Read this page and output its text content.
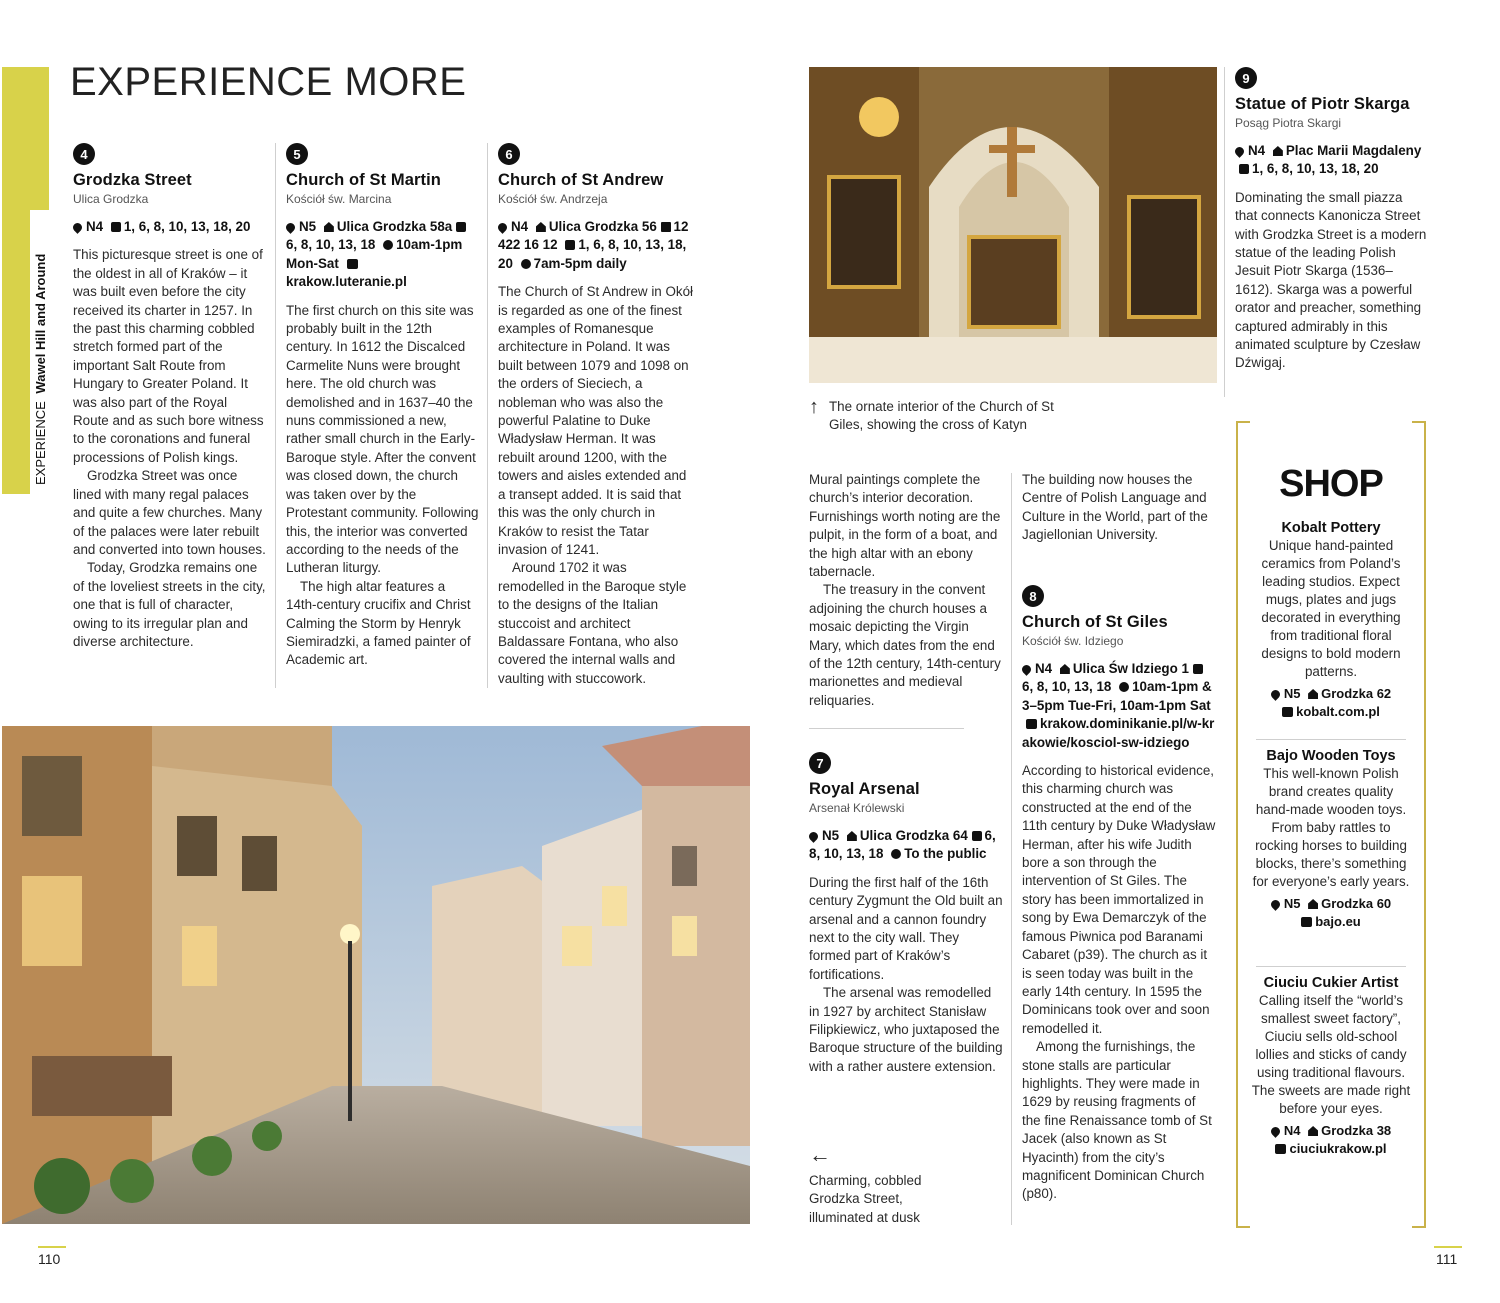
EXPERIENCE Wawel Hill and Around
EXPERIENCE MORE
4
Grodzka Street
Ulica Grodzka
N4 1, 6, 8, 10, 13, 18, 20

This picturesque street is one of the oldest in all of Kraków – it was built even before the city received its charter in 1257. In the past this charming cobbled stretch formed part of the important Salt Route from Hungary to Greater Poland. It was also part of the Royal Route and as such bore witness to the coronations and funeral processions of Polish kings.

Grodzka Street was once lined with many regal palaces and quite a few churches. Many of the palaces were later rebuilt and converted into town houses.

Today, Grodzka remains one of the loveliest streets in the city, one that is full of character, owing to its irregular plan and diverse architecture.

5
Church of St Martin
Kościół św. Marcina
N5 Ulica Grodzka 58a 6, 8, 10, 13, 18 10am-1pm Mon-Sat krakow.luteranie.pl

The first church on this site was probably built in the 12th century. In 1612 the Discalced Carmelite Nuns were brought here. The old church was demolished and in 1637–40 the nuns commissioned a new, rather small church in the Early-Baroque style. After the convent was closed down, the church was taken over by the Protestant community. Following this, the interior was converted according to the needs of the Lutheran liturgy.

The high altar features a 14th-century crucifix and Christ Calming the Storm by Henryk Siemiradzki, a famed painter of Academic art.

6
Church of St Andrew
Kościół św. Andrzeja
N4 Ulica Grodzka 56 12 422 16 12 1, 6, 8, 10, 13, 18, 20 7am-5pm daily

The Church of St Andrew in Okół is regarded as one of the finest examples of Romanesque architecture in Poland. It was built between 1079 and 1098 on the orders of Sieciech, a nobleman who was also the powerful Palatine to Duke Władysław Herman. It was rebuilt around 1200, with the towers and aisles extended and a transept added. It is said that this was the only church in Kraków to resist the Tatar invasion of 1241.

Around 1702 it was remodelled in the Baroque style to the designs of the Italian stuccoist and architect Baldassare Fontana, who also covered the internal walls and vaulting with stuccowork.

110
↑ The ornate interior of the Church of St Giles, showing the cross of Katyn

Mural paintings complete the church’s interior decoration. Furnishings worth noting are the pulpit, in the form of a boat, and the high altar with an ebony tabernacle.

The treasury in the convent adjoining the church houses a mosaic depicting the Virgin Mary, which dates from the end of the 12th century, 14th-century marionettes and medieval reliquaries.

7
Royal Arsenal
Arsenał Królewski
N5 Ulica Grodzka 64 6, 8, 10, 13, 18 To the public

During the first half of the 16th century Zygmunt the Old built an arsenal and a cannon foundry next to the city wall. They formed part of Kraków’s fortifications.

The arsenal was remodelled in 1927 by architect Stanisław Filipkiewicz, who juxtaposed the Baroque structure of the building with a rather austere extension.

←
Charming, cobbled Grodzka Street, illuminated at dusk

The building now houses the Centre of Polish Language and Culture in the World, part of the Jagiellonian University.

8
Church of St Giles
Kościół św. Idziego
N4 Ulica Św Idziego 1 6, 8, 10, 13, 18 10am-1pm & 3–5pm Tue-Fri, 10am-1pm Sat krakow.dominikanie.pl/w-krakowie/kosciol-sw-idziego

According to historical evidence, this charming church was constructed at the end of the 11th century by Duke Władysław Herman, after his wife Judith bore a son through the intervention of St Giles. The story has been immortalized in song by Ewa Demarczyk of the famous Piwnica pod Baranami Cabaret (p39). The church as it is seen today was built in the early 14th century. In 1595 the Dominicans took over and soon remodelled it.

Among the furnishings, the stone stalls are particular highlights. They were made in 1629 by reusing fragments of the fine Renaissance tomb of St Jacek (also known as St Hyacinth) from the city’s magnificent Dominican Church (p80).

9
Statue of Piotr Skarga
Posąg Piotra Skargi
N4 Plac Marii Magdaleny 1, 6, 8, 10, 13, 18, 20

Dominating the small piazza that connects Kanonicza Street with Grodzka Street is a modern statue of the leading Polish Jesuit Piotr Skarga (1536–1612). Skarga was a powerful orator and preacher, something captured admirably in this animated sculpture by Czesław Dźwigaj.

SHOP
Kobalt Pottery
Unique hand-painted ceramics from Poland’s leading studios. Expect mugs, plates and jugs decorated in everything from traditional floral designs to bold modern patterns.
N5 Grodzka 62
kobalt.com.pl
Bajo Wooden Toys
This well-known Polish brand creates quality hand-made wooden toys. From baby rattles to rocking horses to building blocks, there’s something for everyone’s early years.
N5 Grodzka 60
bajo.eu
Ciuciu Cukier Artist
Calling itself the “world’s smallest sweet factory”, Ciuciu sells old-school lollies and sticks of candy using traditional flavours. The sweets are made right before your eyes.
N4 Grodzka 38
ciuciukrakow.pl
111
